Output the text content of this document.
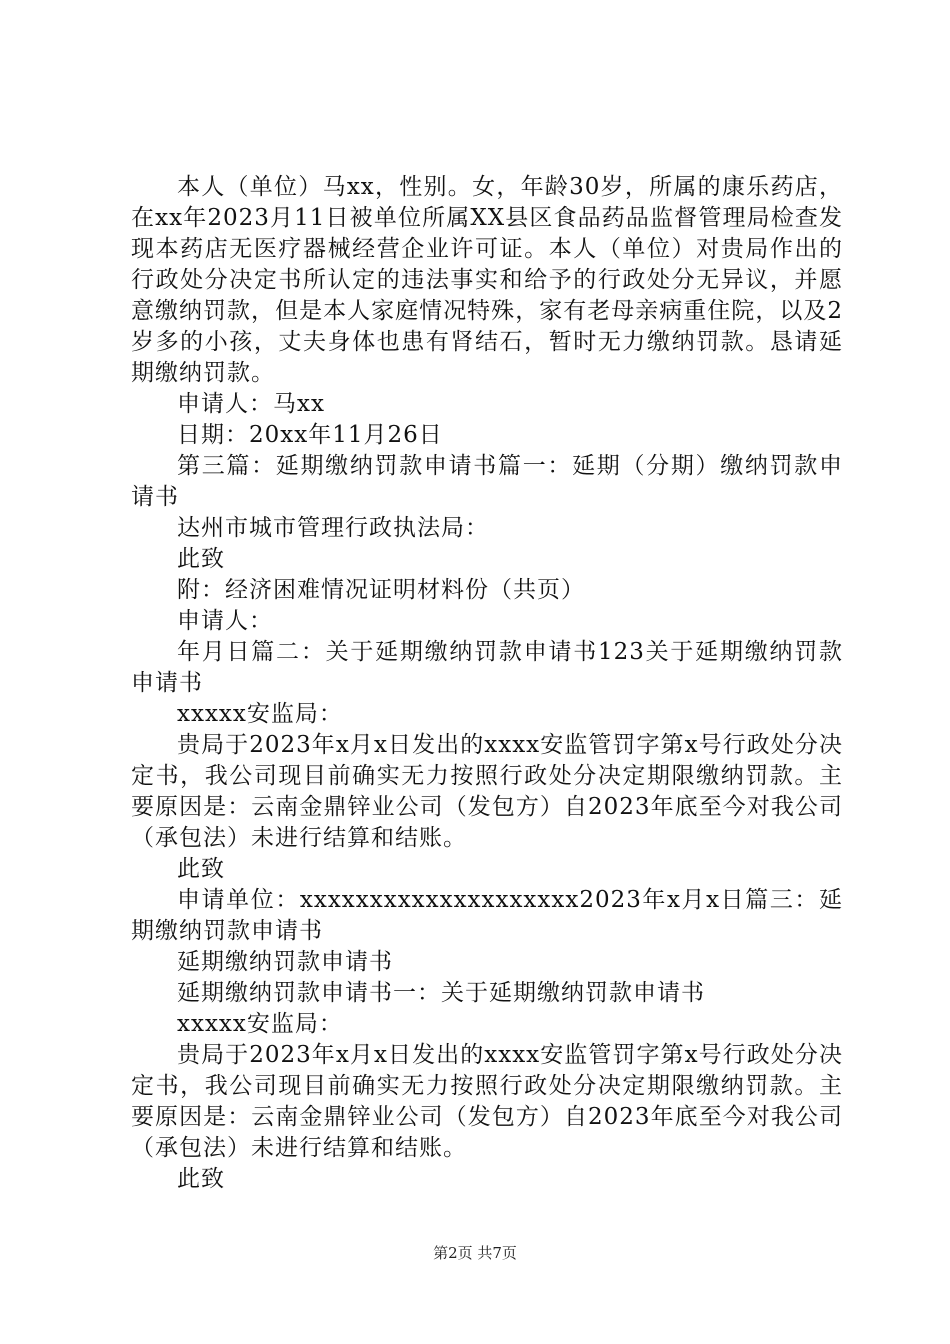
本人（单位）马xx，性别。女，年龄30岁，所属的康乐药店，在xx年2023月11日被单位所属XX县区食品药品监督管理局检查发现本药店无医疗器械经营企业许可证。本人（单位）对贵局作出的行政处分决定书所认定的违法事实和给予的行政处分无异议，并愿意缴纳罚款，但是本人家庭情况特殊，家有老母亲病重住院，以及2岁多的小孩，丈夫身体也患有肾结石，暂时无力缴纳罚款。恳请延期缴纳罚款。

申请人：马xx

日期：20xx年11月26日

第三篇：延期缴纳罚款申请书篇一：延期（分期）缴纳罚款申请书

达州市城市管理行政执法局：

此致

附：经济困难情况证明材料份（共页）

申请人：

年月日篇二：关于延期缴纳罚款申请书123关于延期缴纳罚款申请书

xxxxx安监局：

贵局于2023年x月x日发出的xxxx安监管罚字第x号行政处分决定书，我公司现目前确实无力按照行政处分决定期限缴纳罚款。主要原因是：云南金鼎锌业公司（发包方）自2023年底至今对我公司（承包法）未进行结算和结账。

此致

申请单位：xxxxxxxxxxxxxxxxxxxx2023年x月x日篇三：延期缴纳罚款申请书

延期缴纳罚款申请书

延期缴纳罚款申请书一：关于延期缴纳罚款申请书

xxxxx安监局：

贵局于2023年x月x日发出的xxxx安监管罚字第x号行政处分决定书，我公司现目前确实无力按照行政处分决定期限缴纳罚款。主要原因是：云南金鼎锌业公司（发包方）自2023年底至今对我公司（承包法）未进行结算和结账。

此致

第2页 共7页
